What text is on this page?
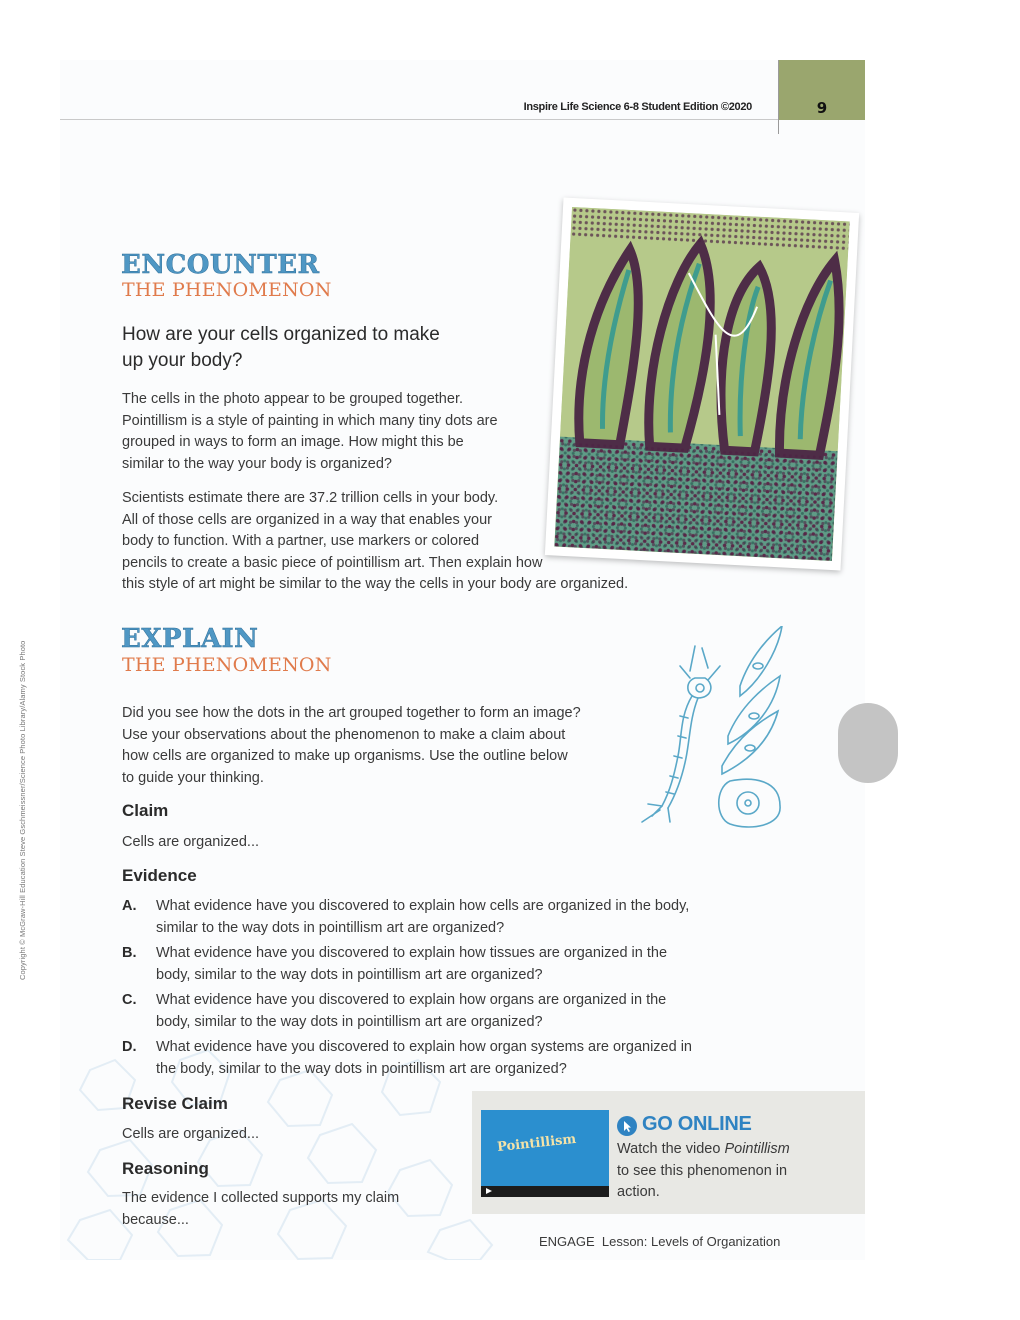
Inspire Life Science 6-8 Student Edition ©2020	9
ENCOUNTER
THE PHENOMENON
How are your cells organized to make
up your body?
The cells in the photo appear to be grouped together.
Pointillism is a style of painting in which many tiny dots are
grouped in ways to form an image. How might this be
similar to the way your body is organized?
Scientists estimate there are 37.2 trillion cells in your body.
All of those cells are organized in a way that enables your
body to function. With a partner, use markers or colored
pencils to create a basic piece of pointillism art. Then explain how
this style of art might be similar to the way the cells in your body are organized.
Copyright © McGraw-Hill Education Steve Gschmeissner/Science Photo Library/Alamy Stock Photo
EXPLAIN
THE PHENOMENON
Did you see how the dots in the art grouped together to form an image?
Use your observations about the phenomenon to make a claim about
how cells are organized to make up organisms. Use the outline below
to guide your thinking.
Claim
Cells are organized...
Evidence
A. What evidence have you discovered to explain how cells are organized in the body,
similar to the way dots in pointillism art are organized?
B. What evidence have you discovered to explain how tissues are organized in the
body, similar to the way dots in pointillism art are organized?
C. What evidence have you discovered to explain how organs are organized in the
body, similar to the way dots in pointillism art are organized?
D. What evidence have you discovered to explain how organ systems are organized in
the body, similar to the way dots in pointillism art are organized?
Revise Claim
Cells are organized...
Reasoning
The evidence I collected supports my claim
because...
Pointillism
GO ONLINE
Watch the video Pointillism
to see this phenomenon in
action.
ENGAGE Lesson: Levels of Organization
